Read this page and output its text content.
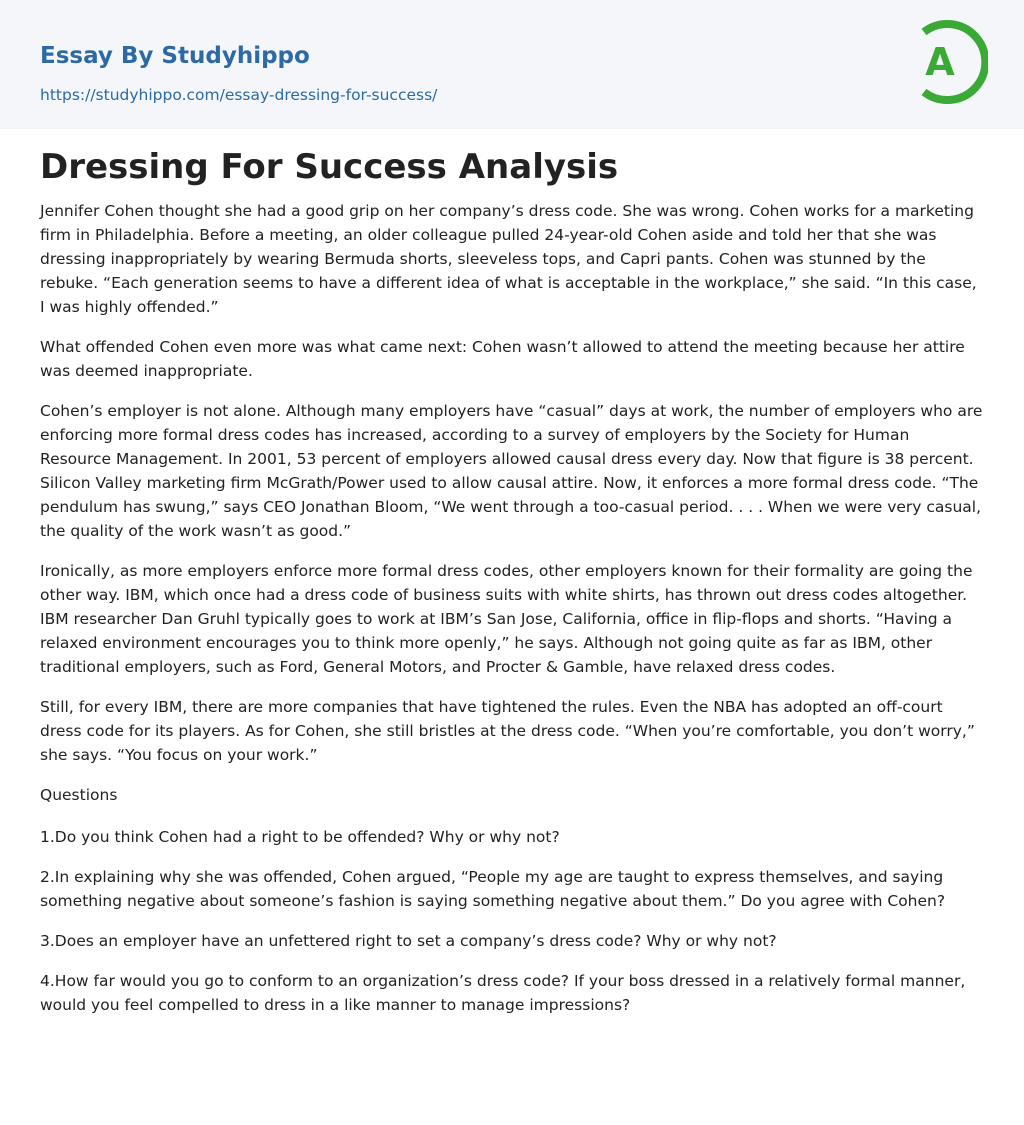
Essay By Studyhippo
https://studyhippo.com/essay-dressing-for-success/
A
Dressing For Success Analysis

Jennifer Cohen thought she had a good grip on her company’s dress code. She was wrong. Cohen works for a marketing firm in Philadelphia. Before a meeting, an older colleague pulled 24-year-old Cohen aside and told her that she was dressing inappropriately by wearing Bermuda shorts, sleeveless tops, and Capri pants. Cohen was stunned by the rebuke. “Each generation seems to have a different idea of what is acceptable in the workplace,” she said. “In this case, I was highly offended.”

What offended Cohen even more was what came next: Cohen wasn’t allowed to attend the meeting because her attire was deemed inappropriate.

Cohen’s employer is not alone. Although many employers have “casual” days at work, the number of employers who are enforcing more formal dress codes has increased, according to a survey of employers by the Society for Human Resource Management. In 2001, 53 percent of employers allowed causal dress every day. Now that figure is 38 percent. Silicon Valley marketing firm McGrath/Power used to allow causal attire. Now, it enforces a more formal dress code. “The pendulum has swung,” says CEO Jonathan Bloom, “We went through a too-casual period. . . . When we were very casual, the quality of the work wasn’t as good.”

Ironically, as more employers enforce more formal dress codes, other employers known for their formality are going the other way. IBM, which once had a dress code of business suits with white shirts, has thrown out dress codes altogether. IBM researcher Dan Gruhl typically goes to work at IBM’s San Jose, California, office in flip-flops and shorts. “Having a relaxed environment encourages you to think more openly,” he says. Although not going quite as far as IBM, other traditional employers, such as Ford, General Motors, and Procter & Gamble, have relaxed dress codes.

Still, for every IBM, there are more companies that have tightened the rules. Even the NBA has adopted an off-court dress code for its players. As for Cohen, she still bristles at the dress code. “When you’re comfortable, you don’t worry,” she says. “You focus on your work.”

Questions

1.Do you think Cohen had a right to be offended? Why or why not?

2.In explaining why she was offended, Cohen argued, “People my age are taught to express themselves, and saying something negative about someone’s fashion is saying something negative about them.” Do you agree with Cohen?

3.Does an employer have an unfettered right to set a company’s dress code? Why or why not?

4.How far would you go to conform to an organization’s dress code? If your boss dressed in a relatively formal manner, would you feel compelled to dress in a like manner to manage impressions?
